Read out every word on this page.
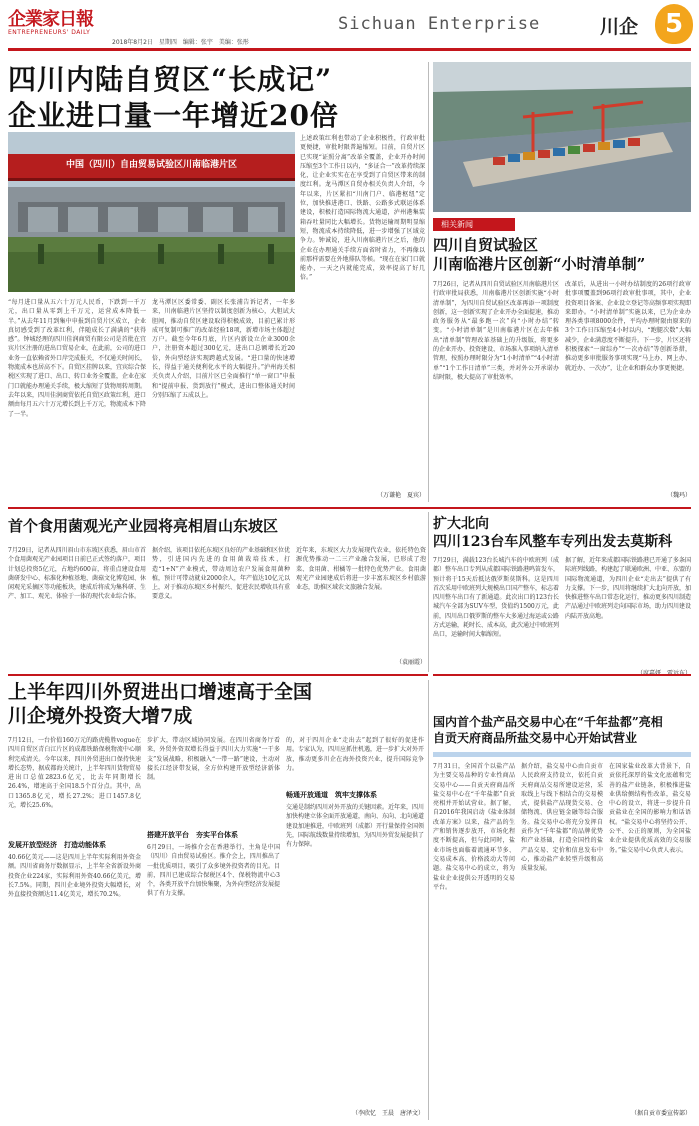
企業家日報
ENTREPRENEURS' DAILY
2018年8月2日　星期四　编辑：张宇　美编：张彤
Sichuan Enterprise	川企	5
四川内陆自贸区“长成记”
企业进口量一年增近20倍
中国（四川）自由贸易试验区川南临港片区
“每月进口量从五六十万元人民币，下跌到一千万元，出口量从零到上千万元，运营成本降低一半。”从去年11月到集中申报到自贸片区成立，企业真切感受到了改革红利，伴随成长了满满的“获得感”。钟城经理的四川佳润商贸有限公司是首批在宜宾片区注册的进出口贸易企业，在此前，公司的进口业务一直依赖省外口岸完成报关，不仅通关时间长，物流成本也居高不下。自贸区挂牌以来，宜宾综合保税区实现了进口、出口、转口业务全覆盖，企业在家门口就能办理通关手续，极大缩短了货物周转周期。去年以来，四川佳润商贸依托自贸区政策红利，进口额由每月五六十万元增长到上千万元，物流成本下降了一半。
龙马潭区区委常委、副区长张浦告诉记者，一年多来，川南临港片区坚持以制度创新为核心，大胆试大胆闯，推动自贸区建设取得积极成效，目前已累计形成可复制可推广的改革经验18项，新增市场主体超过万户。截至今年6月底，片区内新设立企业3000余户，注册资本超过300亿元，进出口总额增长近20倍，外向型经济实现跨越式发展。“进口量的快速增长，得益于通关便利化水平的大幅提升。”泸州海关相关负责人介绍，目前片区已全面推行“单一窗口”申报和“提前申报、货到放行”模式，进出口整体通关时间分别压缩了五成以上。
上述政策红利也带动了企业积极性，行政审批更便捷，审批时限普遍缩短。目前，自贸片区已实现“证照分离”改革全覆盖，企业开办时间压缩至3个工作日以内，“多证合一”改革持续深化，让企业实实在在享受到了自贸区带来的制度红利。龙马潭区自贸办相关负责人介绍，今年以来，片区紧扣“川南门户、临港枢纽”定位，加快推进港口、铁路、公路多式联运体系建设，积极打造国际物流大通道，泸州港集装箱吞吐量同比大幅增长。货物运输周期明显缩短，物流成本持续降低，进一步增强了区域竞争力。钟诚说，进入川南临港片区之后，他的企业在办理通关手续方面省时省力，不再像以前那样需要在外地排队等候。“现在在家门口就能办，一天之内就能完成，效率提高了好几倍。”
（万谦艳　夏宾）
相关新闻
四川自贸试验区
川南临港片区创新“小时清单制”
7月26日，记者从四川自贸试验区川南临港片区行政审批局获悉，川南临港片区创新实施“小时清单制”，为四川自贸试验区改革再添一项制度创新，这一创新实现了企业开办全面提速，推动政务服务从“最多跑一次”向“小时办结”转变。“小时清单制”是川南临港片区在去年推出“清单制”管理改革基础上的升级版，将更多的企业开办、投资建设、市场准入事项纳入清单管理，按照办理时限分为“1小时清单”“4小时清单”“1个工作日清单”三类，并对外公开承诺办结时限，极大提高了审批效率。
改革后，从进出一小时办结制度的26项行政审批事项覆盖到96项行政审批事项，其中，企业投资项目备案、企业设立登记等高频事项实现即来即办。“小时清单制”实施以来，已为企业办理各类事项8000余件，平均办理时限由原来的3个工作日压缩至4小时以内，“跑腿次数”大幅减少，企业满意度不断提升。下一步，片区还将积极探索“一窗综办”“一次办结”等创新举措，推动更多审批服务事项实现“马上办、网上办、就近办、一次办”，让企业和群众办事更便捷。
（魏玛）
首个食用菌观光产业园将亮相眉山东坡区
7月29日，记者从四川眉山市东坡区获悉，眉山市首个食用菌观光产业园项目日前已正式签约落户，项目计划总投资5亿元，占地约600亩，将重点建设食用菌研发中心、标准化种植基地、菌菇文化博览园、休闲观光采摘区等功能板块，建成后将成为集科研、生产、加工、观光、体验于一体的现代农业综合体。
据介绍，该项目依托东坡区良好的产业基础和区位优势，引进国内先进的食用菌栽培技术，打造“1+N”产业模式，带动周边农户发展食用菌种植，预计可带动就业2000余人，年产值达10亿元以上，对于推动东坡区乡村振兴、促进农民增收具有重要意义。
近年来，东坡区大力发展现代农业，依托特色资源优势推动一二三产业融合发展，已形成了泡菜、食用菌、柑橘等一批特色优势产业。食用菌观光产业园建成后将进一步丰富东坡区乡村旅游业态，助推区域农文旅融合发展。
（袁丽霞）
扩大北向
四川123台车风整车专列出发去莫斯科
7月29日，满载123台长城汽车的中欧班列（成都）整车出口专列从成都国际铁路港鸣笛发车，预计将于15天后抵达俄罗斯莫斯科。这是四川首次采用中欧班列大规模出口国产整车，标志着四川整车出口有了新通道。此次出口的123台长城汽车全部为SUV车型，货值约1500万元，此前，四川出口俄罗斯的整车大多通过海运或公路方式运输，耗时长、成本高，此次通过中欧班列出口，运输时间大幅缩短。
据了解，近年来成都国际铁路港已开通了多条国际班列线路，构建起了联通欧洲、中亚、东盟的国际物流通道，为四川企业“走出去”提供了有力支撑。下一步，四川将继续扩大北向开放，加快推进整车出口常态化运行，推动更多四川制造产品通过中欧班列走向国际市场，助力四川建设内陆开放高地。
上半年四川外贸进出口增速高于全国
川企境外投资大增7成
7月12日，一台价值160万元的路虎揽胜vogue在四川自贸区青白江片区的成都铁路保税物流中心顺利完成清关。今年以来，四川外贸进出口保持快速增长态势，据成都海关统计，上半年四川货物贸易进出口总值2823.6亿元，比去年同期增长26.4%，增速高于全国18.5个百分点。其中，出口1365.8亿元，增长27.2%；进口1457.8亿元，增长25.6%。
发展开放型经济　打造动能体系
40.66亿美元——这是四川上半年实际利用外资金额。四川省商务厅数据显示，上半年全省新设外商投资企业224家，实际利用外资40.66亿美元，增长7.5%。同期，四川企业境外投资大幅增长，对外直接投资额达11.4亿美元，增长70.2%。
步扩大，带动区域协同发展。在四川省商务厅看来，外贸外资双增长得益于四川大力实施“一干多支”发展战略，积极融入“一带一路”建设，主动对接长江经济带发展，全方位构建开放型经济新体制。
搭建开放平台　夯实平台体系
6月29日，一场推介会在香港举行，主角是中国（四川）自由贸易试验区。推介会上，四川推出了一批优质项目，吸引了众多境外投资者的目光。目前，四川已建成综合保税区4个、保税物流中心3个，各类开放平台加快集聚，为外向型经济发展提供了有力支撑。
的，对于四川企业“走出去”起到了很好的促进作用。专家认为，四川应抓住机遇，进一步扩大对外开放，推动更多川企在海外投资兴业，提升国际竞争力。
畅通开放通道　筑牢支撑体系
交通是制约四川对外开放的关键因素。近年来，四川加快构建立体全面开放通道，南向、东向、北向通道建设加速推进，中欧班列（成都）开行量保持全国领先，国际航线数量持续增加，为四川外贸发展提供了有力保障。
（李欣忆　王晨　唐泽文）
国内首个盐产品交易中心在“千年盐都”亮相
自贡天府商品所盐交易中心开始试营业
7月31日，全国首个以盐产品为主要交易品种的专业性商品交易中心——自贡天府商品所盐交易中心在“千年盐都”自贡亮相并开始试营业。据了解，自2016年我国启动《盐业体制改革方案》以来，盐产品的生产和销售逐步放开，市场化程度不断提高，但与此同时，盐业市场也面临着流通环节多、交易成本高、价格波动大等问题。盐交易中心的成立，将为盐业企业提供公开透明的交易平台。
据介绍，盐交易中心由自贡市人民政府支持设立，依托自贡天府商品交易所建设运营，采取线上与线下相结合的交易模式，提供盐产品现货交易、仓储物流、供应链金融等综合服务。盐交易中心将充分发挥自贡作为“千年盐都”的品牌优势和产业基础，打造全国性的盐产品交易、定价和信息发布中心，推动盐产业转型升级和高质量发展。
在国家盐业改革大背景下，自贡依托深厚的盐文化底蕴和完善的盐产业链条，积极推进盐业供给侧结构性改革，盐交易中心的设立，将进一步提升自贡盐业在全国的影响力和话语权。“盐交易中心将坚持公开、公平、公正的原则，为全国盐业企业提供优质高效的交易服务。”盐交易中心负责人表示。
（据自贡市委宣传部）
